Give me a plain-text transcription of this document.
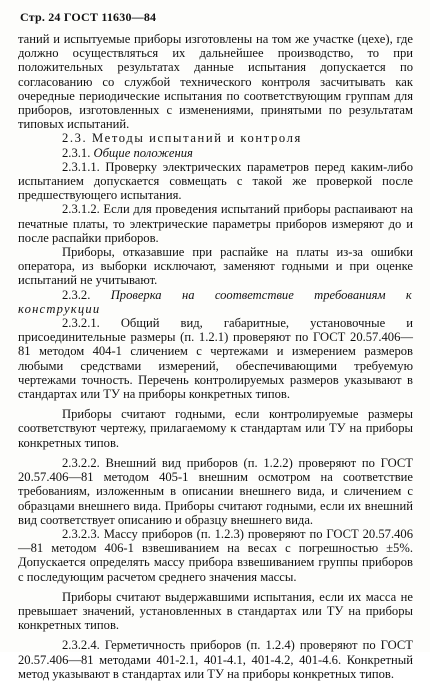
Стр. 24 ГОСТ 11630—84

таний и испытуемые приборы изготовлены на том же участке (цехе), где должно осуществляться их дальнейшее производство, то при положительных результатах данные испытания допускается по согласованию со службой технического контроля засчитывать как очередные периодические испытания по соответствующим группам для приборов, изготовленных с изменениями, принятыми по результатам типовых испытаний.

2.3. Методы испытаний и контроля

2.3.1. Общие положения

2.3.1.1. Проверку электрических параметров перед каким-либо испытанием допускается совмещать с такой же проверкой после предшествующего испытания.

2.3.1.2. Если для проведения испытаний приборы распаивают на печатные платы, то электрические параметры приборов измеряют до и после распайки приборов.

Приборы, отказавшие при распайке на платы из-за ошибки оператора, из выборки исключают, заменяют годными и при оценке испытаний не учитывают.

2.3.2. Проверка на соответствие требованиям к конструкции

2.3.2.1. Общий вид, габаритные, установочные и присоединительные размеры (п. 1.2.1) проверяют по ГОСТ 20.57.406—81 методом 404-1 сличением с чертежами и измерением размеров любыми средствами измерений, обеспечивающими требуемую чертежами точность. Перечень контролируемых размеров указывают в стандартах или ТУ на приборы конкретных типов.

Приборы считают годными, если контролируемые размеры соответствуют чертежу, прилагаемому к стандартам или ТУ на приборы конкретных типов.

2.3.2.2. Внешний вид приборов (п. 1.2.2) проверяют по ГОСТ 20.57.406—81 методом 405-1 внешним осмотром на соответствие требованиям, изложенным в описании внешнего вида, и сличением с образцами внешнего вида. Приборы считают годными, если их внешний вид соответствует описанию и образцу внешнего вида.

2.3.2.3. Массу приборов (п. 1.2.3) проверяют по ГОСТ 20.57.406—81 методом 406-1 взвешиванием на весах с погрешностью ±5%. Допускается определять массу прибора взвешиванием группы приборов с последующим расчетом среднего значения массы.

Приборы считают выдержавшими испытания, если их масса не превышает значений, установленных в стандартах или ТУ на приборы конкретных типов.

2.3.2.4. Герметичность приборов (п. 1.2.4) проверяют по ГОСТ 20.57.406—81 методами 401-2.1, 401-4.1, 401-4.2, 401-4.6. Конкретный метод указывают в стандартах или ТУ на приборы конкретных типов.
